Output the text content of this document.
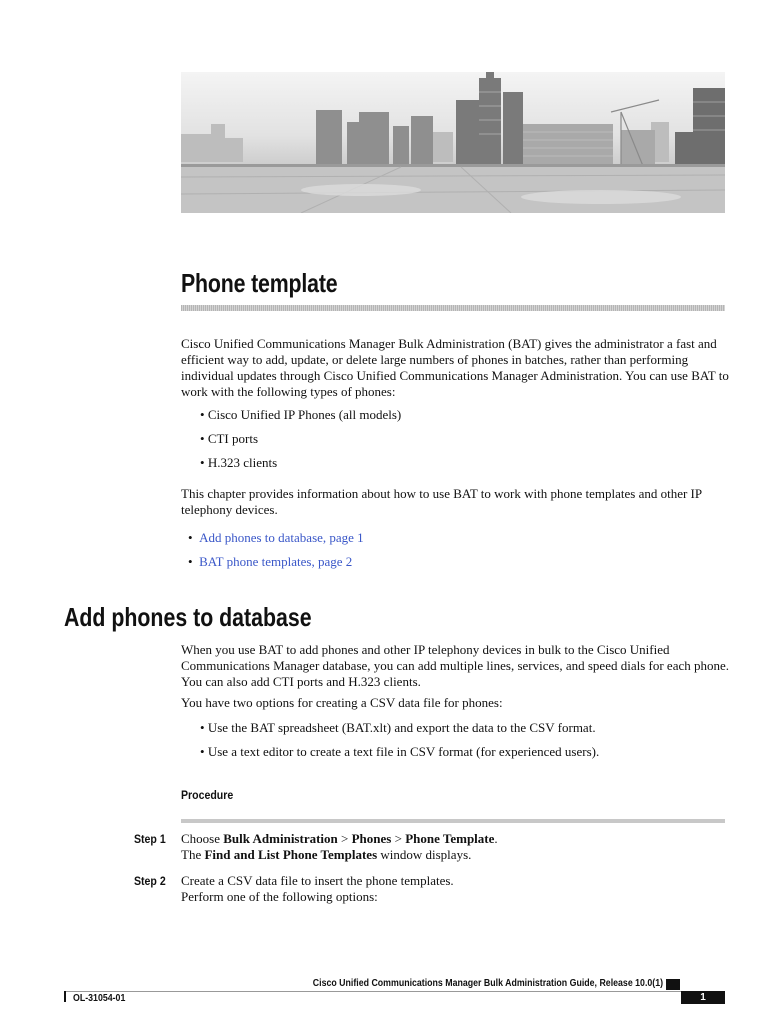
Phone template

Cisco Unified Communications Manager Bulk Administration (BAT) gives the administrator a fast and efficient way to add, update, or delete large numbers of phones in batches, rather than performing individual updates through Cisco Unified Communications Manager Administration. You can use BAT to work with the following types of phones:

• Cisco Unified IP Phones (all models)

• CTI ports

• H.323 clients

This chapter provides information about how to use BAT to work with phone templates and other IP telephony devices.

•  Add phones to database, page 1

•  BAT phone templates, page 2

Add phones to database

When you use BAT to add phones and other IP telephony devices in bulk to the Cisco Unified Communications Manager database, you can add multiple lines, services, and speed dials for each phone. You can also add CTI ports and H.323 clients.

You have two options for creating a CSV data file for phones:

• Use the BAT spreadsheet (BAT.xlt) and export the data to the CSV format.

• Use a text editor to create a text file in CSV format (for experienced users).

Procedure

Step 1 Choose Bulk Administration > Phones > Phone Template.

The Find and List Phone Templates window displays.

Step 2 Create a CSV data file to insert the phone templates.

Perform one of the following options:

Cisco Unified Communications Manager Bulk Administration Guide, Release 10.0(1)

OL-31054-01	1
